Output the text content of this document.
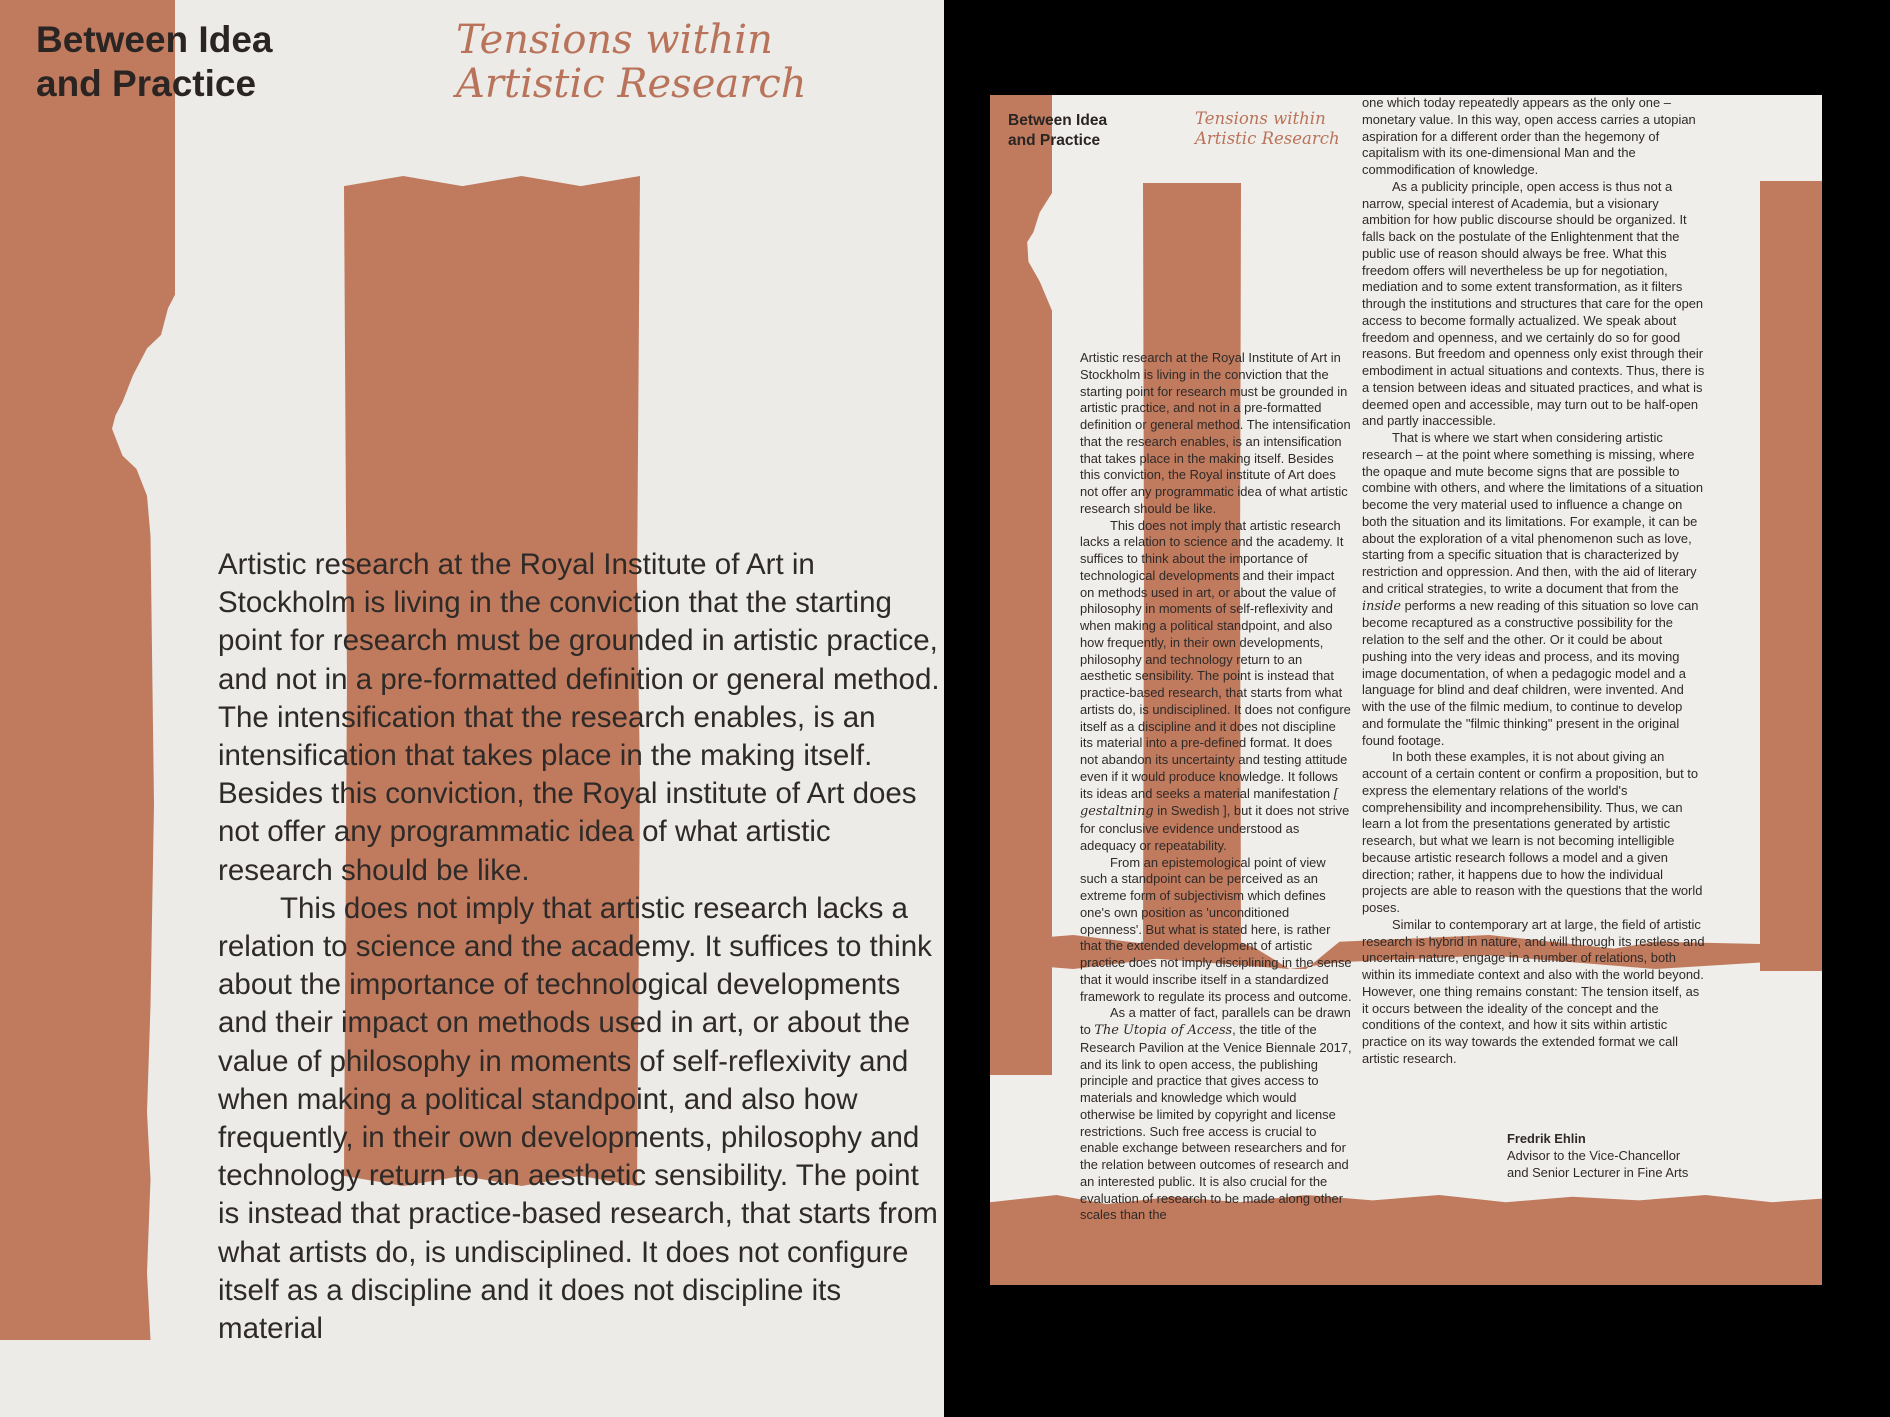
Between Idea
and Practice
Tensions within
Artistic Research

Artistic research at the Royal Institute of Art in Stockholm is living in the conviction that the starting point for research must be grounded in artistic practice, and not in a pre-formatted definition or general method. The intensification that the research enables, is an intensification that takes place in the making itself. Besides this conviction, the Royal institute of Art does not offer any programmatic idea of what artistic research should be like.

This does not imply that artistic research lacks a relation to science and the academy. It suffices to think about the importance of technological developments and their impact on methods used in art, or about the value of philosophy in moments of self-reflexivity and when making a political standpoint, and also how frequently, in their own developments, philosophy and technology return to an aesthetic sensibility. The point is instead that practice-based research, that starts from what artists do, is undisciplined. It does not configure itself as a discipline and it does not discipline its material

Between Idea
and Practice
Tensions within
Artistic Research

Artistic research at the Royal Institute of Art in Stockholm is living in the conviction that the starting point for research must be grounded in artistic practice, and not in a pre-formatted definition or general method. The intensification that the research enables, is an intensification that takes place in the making itself. Besides this conviction, the Royal institute of Art does not offer any programmatic idea of what artistic research should be like.

This does not imply that artistic research lacks a relation to science and the academy. It suffices to think about the importance of technological developments and their impact on methods used in art, or about the value of philosophy in moments of self-reflexivity and when making a political standpoint, and also how frequently, in their own developments, philosophy and technology return to an aesthetic sensibility. The point is instead that practice-based research, that starts from what artists do, is undisciplined. It does not configure itself as a discipline and it does not discipline its material into a pre-defined format. It does not abandon its uncertainty and testing attitude even if it would produce knowledge. It follows its ideas and seeks a material manifestation [ gestaltning in Swedish ], but it does not strive for conclusive evidence understood as adequacy or repeatability.

From an epistemological point of view such a standpoint can be perceived as an extreme form of subjectivism which defines one's own position as 'unconditioned openness'. But what is stated here, is rather that the extended development of artistic practice does not imply disciplining in the sense that it would inscribe itself in a standardized framework to regulate its process and outcome.

As a matter of fact, parallels can be drawn to The Utopia of Access, the title of the Research Pavilion at the Venice Biennale 2017, and its link to open access, the publishing principle and practice that gives access to materials and knowledge which would otherwise be limited by copyright and license restrictions. Such free access is crucial to enable exchange between researchers and for the relation between outcomes of research and an interested public. It is also crucial for the evaluation of research to be made along other scales than the

one which today repeatedly appears as the only one – monetary value. In this way, open access carries a utopian aspiration for a different order than the hegemony of capitalism with its one-dimensional Man and the commodification of knowledge.

As a publicity principle, open access is thus not a narrow, special interest of Academia, but a visionary ambition for how public discourse should be organized. It falls back on the postulate of the Enlightenment that the public use of reason should always be free. What this freedom offers will nevertheless be up for negotiation, mediation and to some extent transformation, as it filters through the institutions and structures that care for the open access to become formally actualized. We speak about freedom and openness, and we certainly do so for good reasons. But freedom and openness only exist through their embodiment in actual situations and contexts. Thus, there is a tension between ideas and situated practices, and what is deemed open and accessible, may turn out to be half-open and partly inaccessible.

That is where we start when considering artistic research – at the point where something is missing, where the opaque and mute become signs that are possible to combine with others, and where the limitations of a situation become the very material used to influence a change on both the situation and its limitations. For example, it can be about the exploration of a vital phenomenon such as love, starting from a specific situation that is characterized by restriction and oppression. And then, with the aid of literary and critical strategies, to write a document that from the inside performs a new reading of this situation so love can become recaptured as a constructive possibility for the relation to the self and the other. Or it could be about pushing into the very ideas and process, and its moving image documentation, of when a pedagogic model and a language for blind and deaf children, were invented. And with the use of the filmic medium, to continue to develop and formulate the "filmic thinking" present in the original found footage.

In both these examples, it is not about giving an account of a certain content or confirm a proposition, but to express the elementary relations of the world's comprehensibility and incomprehensibility. Thus, we can learn a lot from the presentations generated by artistic research, but what we learn is not becoming intelligible because artistic research follows a model and a given direction; rather, it happens due to how the individual projects are able to reason with the questions that the world poses.

Similar to contemporary art at large, the field of artistic research is hybrid in nature, and will through its restless and uncertain nature, engage in a number of relations, both within its immediate context and also with the world beyond. However, one thing remains constant: The tension itself, as it occurs between the ideality of the concept and the conditions of the context, and how it sits within artistic practice on its way towards the extended format we call artistic research.

Fredrik Ehlin
Advisor to the Vice-Chancellor
and Senior Lecturer in Fine Arts
